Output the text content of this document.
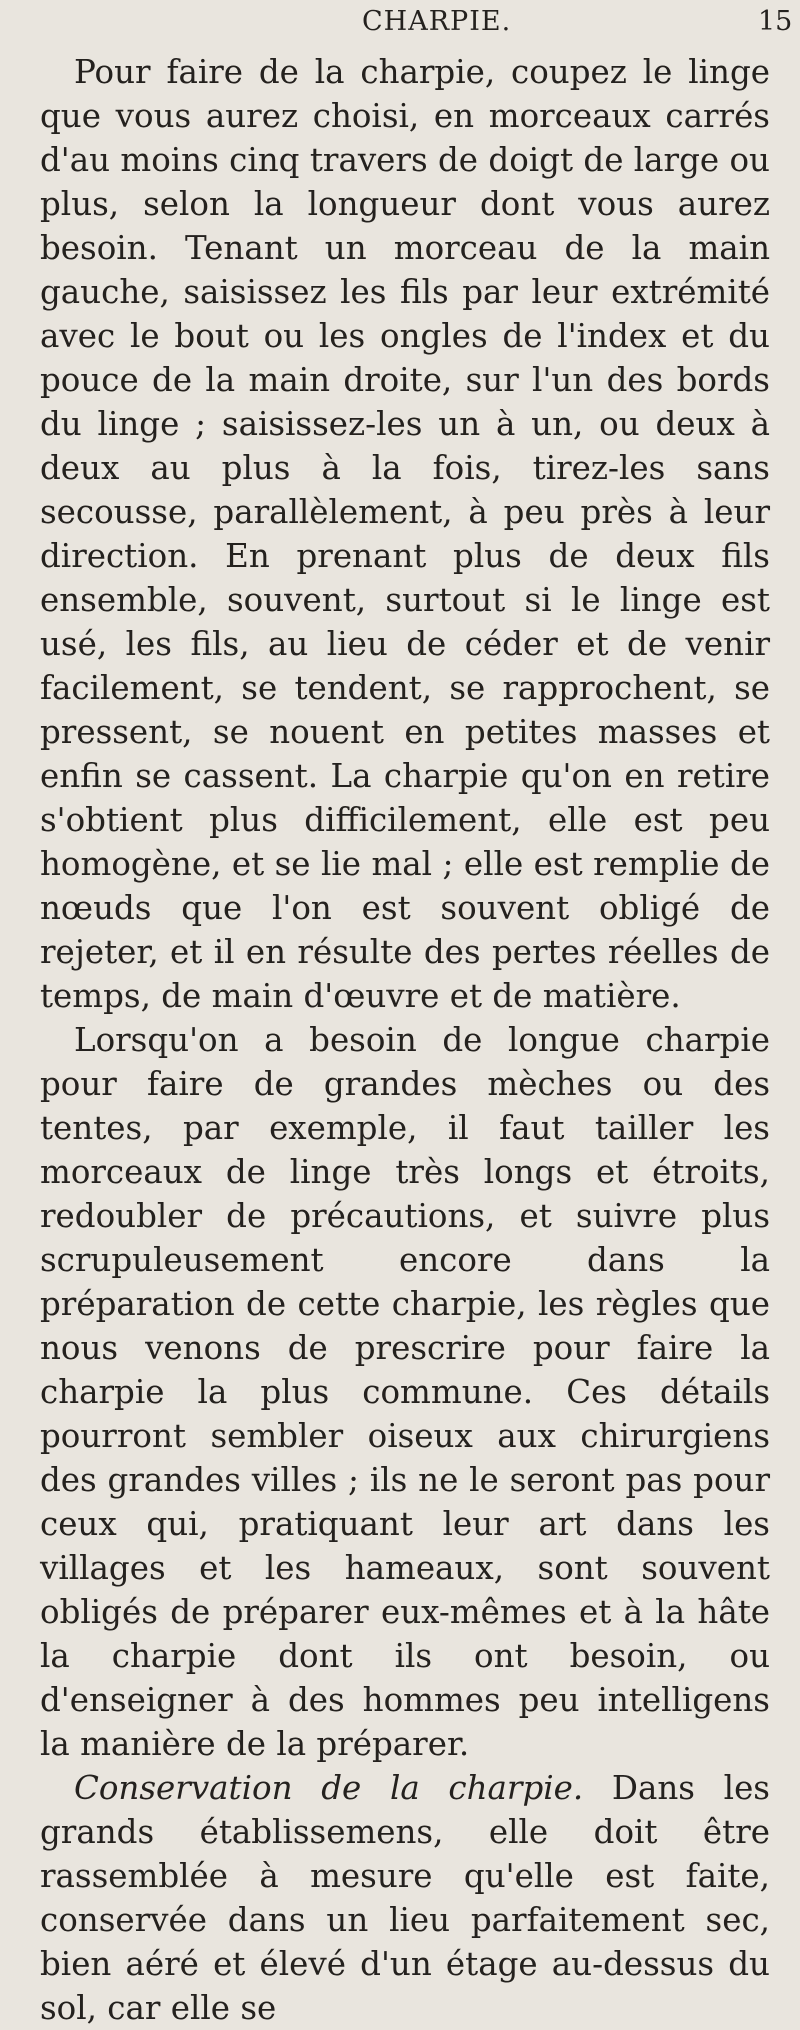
CHARPIE.	15

Pour faire de la charpie, coupez le linge que vous aurez choisi, en morceaux carrés d'au moins cinq travers de doigt de large ou plus, selon la longueur dont vous aurez besoin. Tenant un morceau de la main gauche, saisissez les fils par leur extrémité avec le bout ou les ongles de l'index et du pouce de la main droite, sur l'un des bords du linge ; saisissez-les un à un, ou deux à deux au plus à la fois, tirez-les sans secousse, parallèlement, à peu près à leur direction. En prenant plus de deux fils ensemble, souvent, surtout si le linge est usé, les fils, au lieu de céder et de venir facilement, se tendent, se rapprochent, se pressent, se nouent en petites masses et enfin se cassent. La charpie qu'on en retire s'obtient plus difficilement, elle est peu homogène, et se lie mal ; elle est remplie de nœuds que l'on est souvent obligé de rejeter, et il en résulte des pertes réelles de temps, de main d'œuvre et de matière.

Lorsqu'on a besoin de longue charpie pour faire de grandes mèches ou des tentes, par exemple, il faut tailler les morceaux de linge très longs et étroits, redoubler de précautions, et suivre plus scrupuleusement encore dans la préparation de cette charpie, les règles que nous venons de prescrire pour faire la charpie la plus commune. Ces détails pourront sembler oiseux aux chirurgiens des grandes villes ; ils ne le seront pas pour ceux qui, pratiquant leur art dans les villages et les hameaux, sont souvent obligés de préparer eux-mêmes et à la hâte la charpie dont ils ont besoin, ou d'enseigner à des hommes peu intelligens la manière de la préparer.

Conservation de la charpie. Dans les grands établissemens, elle doit être rassemblée à mesure qu'elle est faite, conservée dans un lieu parfaitement sec, bien aéré et élevé d'un étage au-dessus du sol, car elle se
